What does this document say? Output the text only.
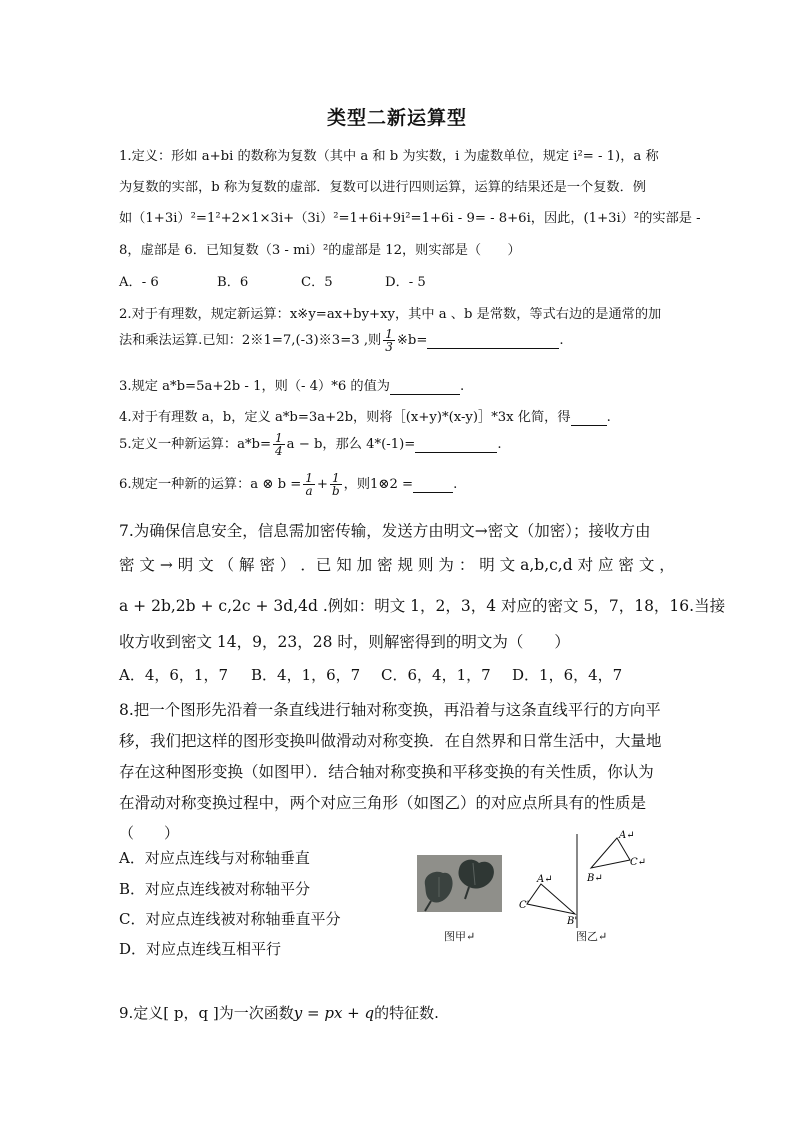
类型二新运算型
1.定义：形如 a+bi 的数称为复数（其中 a 和 b 为实数，i 为虚数单位，规定 i²= - 1)，a 称
为复数的实部，b 称为复数的虚部．复数可以进行四则运算，运算的结果还是一个复数．例
如（1+3i）²=1²+2×1×3i+（3i）²=1+6i+9i²=1+6i - 9= - 8+6i，因此，(1+3i）²的实部是 -
8，虚部是 6．已知复数（3 - mi）²的虚部是 12，则实部是（　　）
A．- 6	B．6	C．5	D．- 5
2.对于有理数，规定新运算：x※y=ax+by+xy，其中 a 、b 是常数，等式右边的是通常的加
法和乘法运算.已知：2※1=7,(-3)※3=3 ,则 $\frac{1}{3}$ ※b=	.
3.规定 a*b=5a+2b - 1，则（- 4）*6 的值为	.
4.对于有理数 a，b，定义 a*b=3a+2b，则将［(x+y)*(x-y)］*3x 化简，得	.
5.定义一种新运算：$a*b= \frac{1}{4}$ a − b，那么 4*(-1)=	.
6.规定一种新的运算：a ⊗ $b = \frac{1}{a} + \frac{1}{b}$ ，则1⊗2 =	.
7.为确保信息安全，信息需加密传输，发送方由明文→密文（加密）；接收方由
密 文 → 明 文 （ 解 密 ） ．已 知 加 密 规 则 为 ： 明 文 a,b,c,d 对 应 密 文 ，
a + 2b,2b + c,2c + 3d,4d .例如：明文 1，2，3，4 对应的密文 5，7，18，16.当接
收方收到密文 14，9，23，28 时，则解密得到的明文为（　　）
A．4，6，1，7 B．4，1，6，7 C．6，4，1，7 D．1，6，4，7
8.把一个图形先沿着一条直线进行轴对称变换，再沿着与这条直线平行的方向平
移，我们把这样的图形变换叫做滑动对称变换．在自然界和日常生活中，大量地
存在这种图形变换（如图甲）．结合轴对称变换和平移变换的有关性质，你认为
在滑动对称变换过程中，两个对应三角形（如图乙）的对应点所具有的性质是
（　　）
A．对应点连线与对称轴垂直
B．对应点连线被对称轴平分
C．对应点连线被对称轴垂直平分
D．对应点连线互相平行
图甲↵
A↵
C↵
B↵
A↵
C'
B'
图乙↵
9.定义[ p，q ]为一次函数y = px + q的特征数.
